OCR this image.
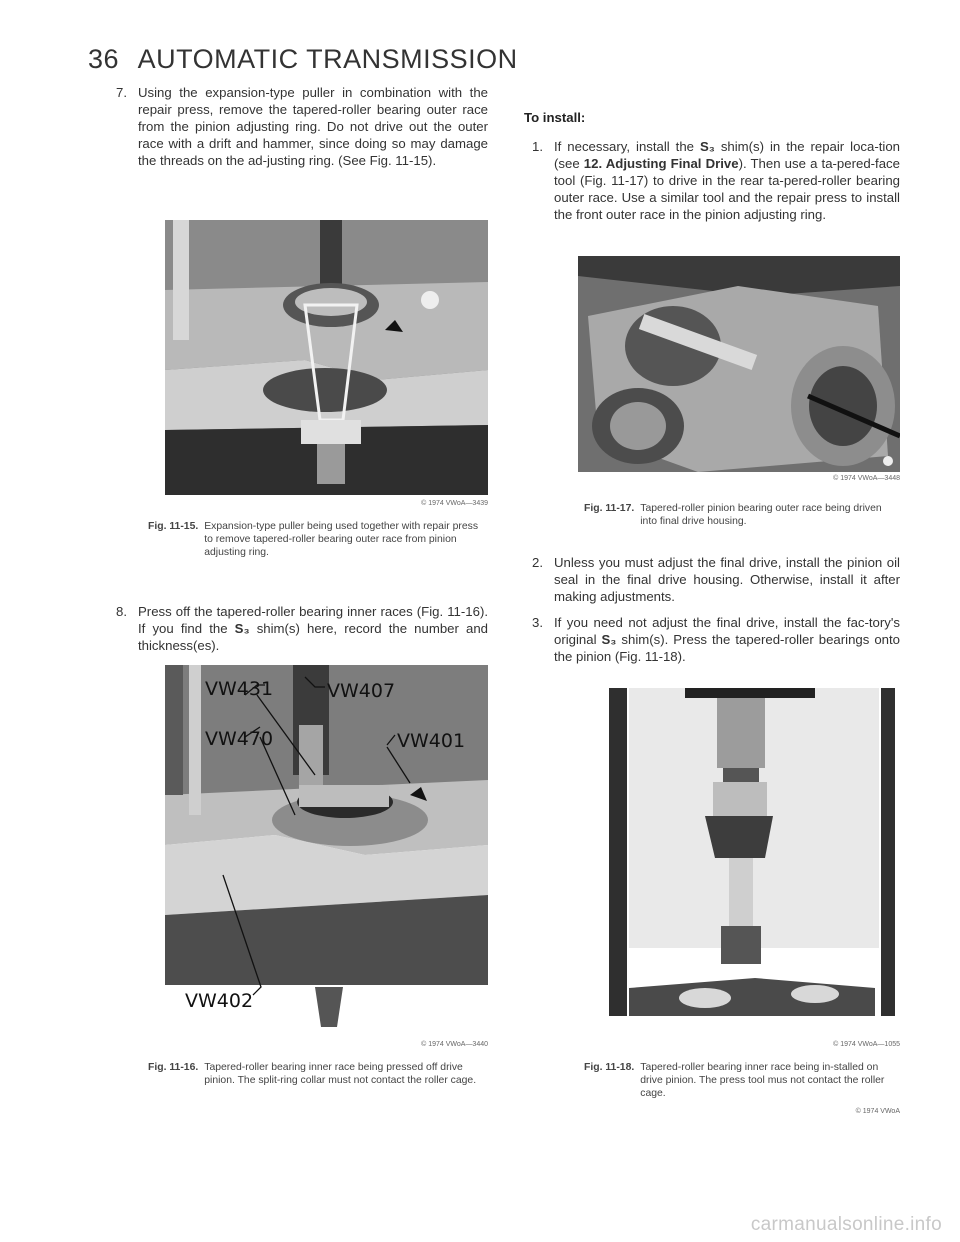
36 AUTOMATIC TRANSMISSION
7. Using the expansion-type puller in combination with the repair press, remove the tapered-roller bearing outer race from the pinion adjusting ring. Do not drive out the outer race with a drift and hammer, since doing so may damage the threads on the ad-justing ring. (See Fig. 11-15).
© 1974 VWoA—3439
Fig. 11-15. Expansion-type puller being used together with repair press to remove tapered-roller bearing outer race from pinion adjusting ring.
8. Press off the tapered-roller bearing inner races (Fig. 11-16). If you find the S₃ shim(s) here, record the number and thickness(es).
VW431	VW407
VW470	VW401
VW402
© 1974 VWoA—3440
Fig. 11-16. Tapered-roller bearing inner race being pressed off drive pinion. The split-ring collar must not contact the roller cage.
To install:
1. If necessary, install the S₃ shim(s) in the repair loca-tion (see 12. Adjusting Final Drive). Then use a ta-pered-face tool (Fig. 11-17) to drive in the rear ta-pered-roller bearing outer race. Use a similar tool and the repair press to install the front outer race in the pinion adjusting ring.
© 1974 VWoA—3448
Fig. 11-17. Tapered-roller pinion bearing outer race being driven into final drive housing.
2. Unless you must adjust the final drive, install the pinion oil seal in the final drive housing. Otherwise, install it after making adjustments.
3. If you need not adjust the final drive, install the fac-tory's original S₃ shim(s). Press the tapered-roller bearings onto the pinion (Fig. 11-18).
© 1974 VWoA—1055
Fig. 11-18. Tapered-roller bearing inner race being in-stalled on drive pinion. The press tool mus not contact the roller cage.
© 1974 VWoA
carmanualsonline.info
